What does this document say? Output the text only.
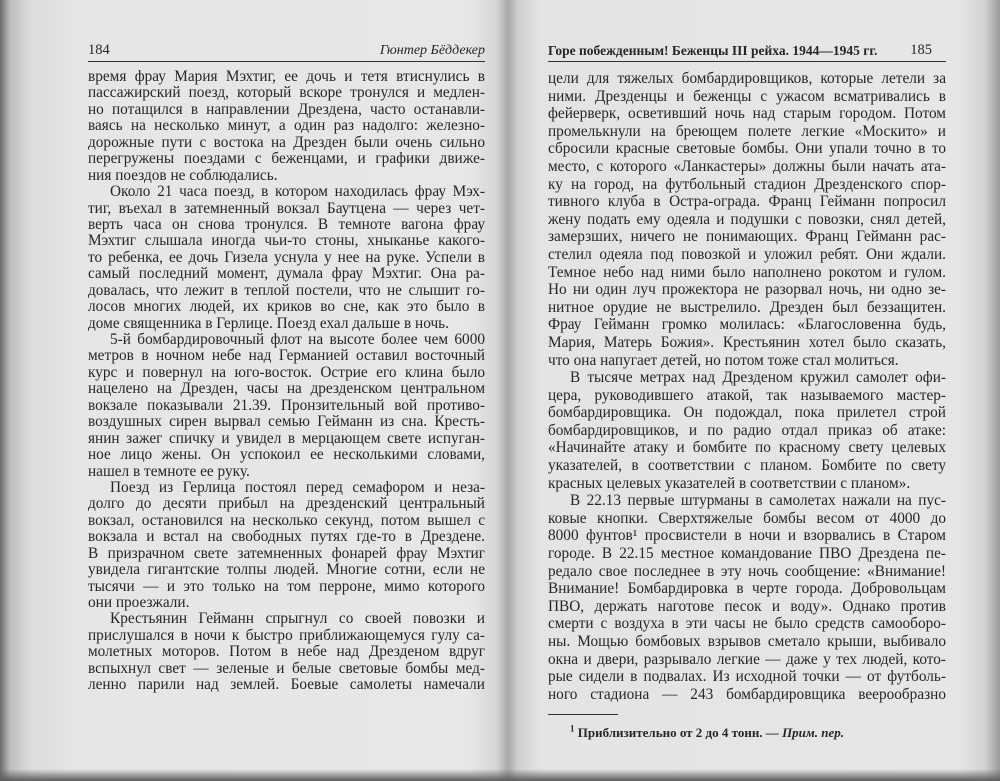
184	Гюнтер Бёддекер
время фрау Мария Мэхтиг, ее дочь и тетя втиснулись в
пассажирский поезд, который вскоре тронулся и медлен-
но потащился в направлении Дрездена, часто останавли-
ваясь на несколько минут, а один раз надолго: железно-
дорожные пути с востока на Дрезден были очень сильно
перегружены поездами с беженцами, и графики движе-
ния поездов не соблюдались.
Около 21 часа поезд, в котором находилась фрау Мэх-
тиг, въехал в затемненный вокзал Баутцена — через чет-
верть часа он снова тронулся. В темноте вагона фрау
Мэхтиг слышала иногда чьи-то стоны, хныканье какого-
то ребенка, ее дочь Гизела уснула у нее на руке. Успели в
самый последний момент, думала фрау Мэхтиг. Она ра-
довалась, что лежит в теплой постели, что не слышит го-
лосов многих людей, их криков во сне, как это было в
доме священника в Герлице. Поезд ехал дальше в ночь.
5-й бомбардировочный флот на высоте более чем 6000
метров в ночном небе над Германией оставил восточный
курс и повернул на юго-восток. Острие его клина было
нацелено на Дрезден, часы на дрезденском центральном
вокзале показывали 21.39. Пронзительный вой противо-
воздушных сирен вырвал семью Гейманн из сна. Кресть-
янин зажег спичку и увидел в мерцающем свете испуган-
ное лицо жены. Он успокоил ее несколькими словами,
нашел в темноте ее руку.
Поезд из Герлица постоял перед семафором и неза-
долго до десяти прибыл на дрезденский центральный
вокзал, остановился на несколько секунд, потом вышел с
вокзала и встал на свободных путях где-то в Дрездене.
В призрачном свете затемненных фонарей фрау Мэхтиг
увидела гигантские толпы людей. Многие сотни, если не
тысячи — и это только на том перроне, мимо которого
они проезжали.
Крестьянин Гейманн спрыгнул со своей повозки и
прислушался в ночи к быстро приближающемуся гулу са-
молетных моторов. Потом в небе над Дрезденом вдруг
вспыхнул свет — зеленые и белые световые бомбы мед-
ленно парили над землей. Боевые самолеты намечали
Горе побежденным! Беженцы III рейха. 1944—1945 гг. 185
цели для тяжелых бомбардировщиков, которые летели за
ними. Дрезденцы и беженцы с ужасом всматривались в
фейерверк, осветивший ночь над старым городом. Потом
промелькнули на бреющем полете легкие «Москито» и
сбросили красные световые бомбы. Они упали точно в то
место, с которого «Ланкастеры» должны были начать ата-
ку на город, на футбольный стадион Дрезденского спор-
тивного клуба в Остра-ограда. Франц Гейманн попросил
жену подать ему одеяла и подушки с повозки, снял детей,
замерзших, ничего не понимающих. Франц Гейманн рас-
стелил одеяла под повозкой и уложил ребят. Они ждали.
Темное небо над ними было наполнено рокотом и гулом.
Но ни один луч прожектора не разорвал ночь, ни одно зе-
нитное орудие не выстрелило. Дрезден был беззащитен.
Фрау Гейманн громко молилась: «Благословенна будь,
Мария, Матерь Божия». Крестьянин хотел было сказать,
что она напугает детей, но потом тоже стал молиться.
В тысяче метрах над Дрезденом кружил самолет офи-
цера, руководившего атакой, так называемого мастер-
бомбардировщика. Он подождал, пока прилетел строй
бомбардировщиков, и по радио отдал приказ об атаке:
«Начинайте атаку и бомбите по красному свету целевых
указателей, в соответствии с планом. Бомбите по свету
красных целевых указателей в соответствии с планом».
В 22.13 первые штурманы в самолетах нажали на пус-
ковые кнопки. Сверхтяжелые бомбы весом от 4000 до
8000 фунтов¹ просвистели в ночи и взорвались в Старом
городе. В 22.15 местное командование ПВО Дрездена пе-
редало свое последнее в эту ночь сообщение: «Внимание!
Внимание! Бомбардировка в черте города. Добровольцам
ПВО, держать наготове песок и воду». Однако против
смерти с воздуха в эти часы не было средств самооборо-
ны. Мощью бомбовых взрывов сметало крыши, выбивало
окна и двери, разрывало легкие — даже у тех людей, кото-
рые сидели в подвалах. Из исходной точки — от футболь-
ного стадиона — 243 бомбардировщика веерообразно
$^1$ Приблизительно от 2 до 4 тонн. — Прим. пер.
